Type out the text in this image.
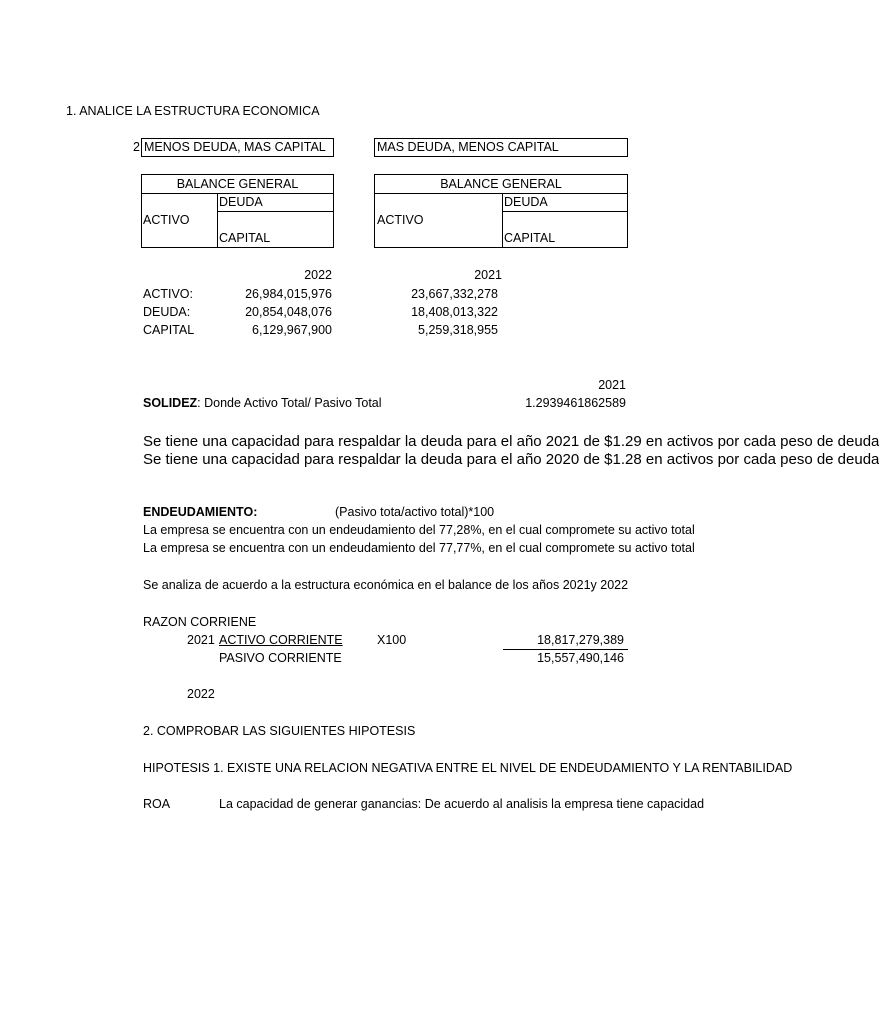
1. ANALICE LA ESTRUCTURA ECONOMICA
2 MENOS DEUDA, MAS CAPITAL	MAS DEUDA, MENOS CAPITAL
BALANCE GENERAL
DEUDA
ACTIVO
CAPITAL
BALANCE GENERAL
DEUDA
ACTIVO
CAPITAL
2022	2021
ACTIVO:	26,984,015,976	23,667,332,278
DEUDA:	20,854,048,076	18,408,013,322
CAPITAL	6,129,967,900	5,259,318,955
2021
SOLIDEZ: Donde Activo Total/ Pasivo Total	1.2939461862589
Se tiene una capacidad para respaldar la deuda para el año 2021 de $1.29 en activos por cada peso de deuda
Se tiene una capacidad para respaldar la deuda para el año 2020 de $1.28 en activos por cada peso de deuda
ENDEUDAMIENTO:	(Pasivo tota/activo total)*100
La empresa se encuentra con un endeudamiento del 77,28%, en el cual compromete su activo total
La empresa se encuentra con un endeudamiento del 77,77%, en el cual compromete su activo total
Se analiza de acuerdo a la estructura económica en el balance de los años 2021y 2022
RAZON CORRIENE
2021 ACTIVO CORRIENTE	X100	18,817,279,389
PASIVO CORRIENTE	15,557,490,146
2022
2. COMPROBAR LAS SIGUIENTES HIPOTESIS
HIPOTESIS 1. EXISTE UNA RELACION NEGATIVA ENTRE EL NIVEL DE ENDEUDAMIENTO Y LA RENTABILIDAD
ROA	La capacidad de generar ganancias: De acuerdo al analisis la empresa tiene capacidad
